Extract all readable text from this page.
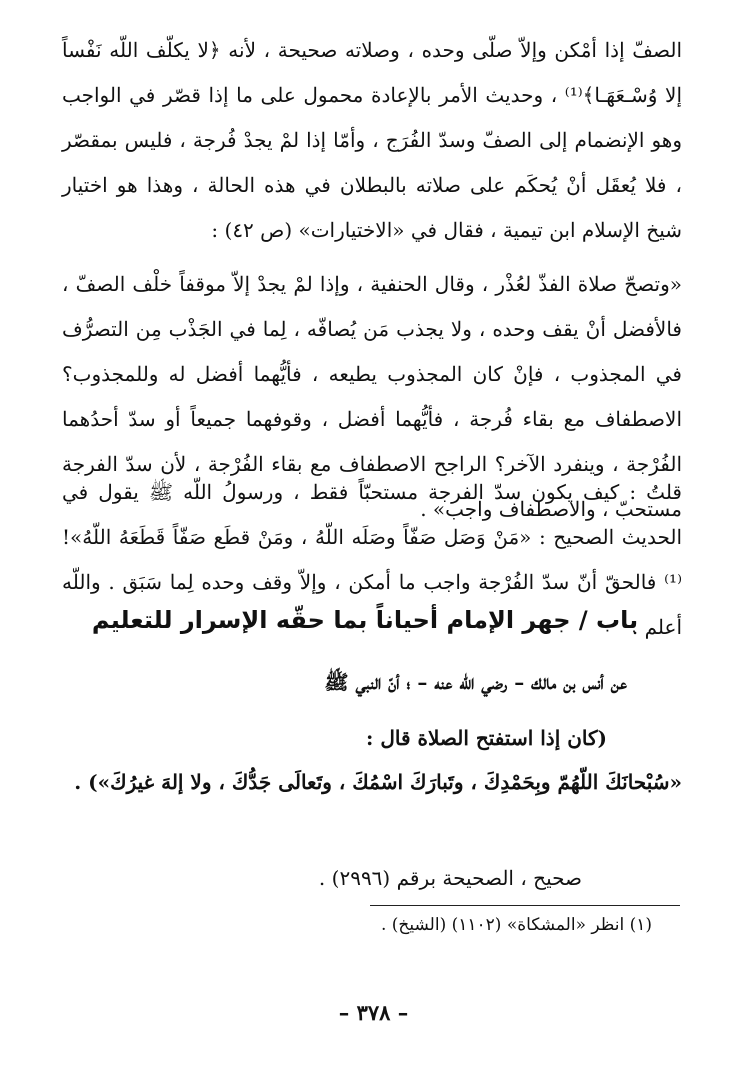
الصفّ إذا أمْكن وإلاّ صلّى وحده ، وصلاته صحيحة ، لأنه ﴿لا يكلّف اللّه نَفْساً إلا وُسْـعَهَـا﴾⁽¹⁾ ، وحديث الأمر بالإعادة محمول على ما إذا قصّر في الواجب وهو الإنضمام إلى الصفّ وسدّ الفُرَج ، وأمّا إذا لمْ يجدْ فُرجة ، فليس بمقصّر ، فلا يُعقَل أنْ يُحكَم على صلاته بالبطلان في هذه الحالة ، وهذا هو اختيار شيخ الإسلام ابن تيمية ، فقال في «الاختيارات» (ص ٤٢) :
«وتصحّ صلاة الفذّ لعُذْر ، وقال الحنفية ، وإذا لمْ يجدْ إلاّ موقفاً خلْف الصفّ ، فالأفضل أنْ يقف وحده ، ولا يجذب مَن يُصافّه ، لِما في الجَذْب مِن التصرُّف في المجذوب ، فإنْ كان المجذوب يطيعه ، فأيُّهما أفضل له وللمجذوب؟ الاصطفاف مع بقاء فُرجة ، فأيُّهما أفضل ، وقوفهما جميعاً أو سدّ أحدُهما الفُرْجة ، وينفرد الآخر؟ الراجح الاصطفاف مع بقاء الفُرْجة ، لأن سدّ الفرجة مستحبّ ، والاصطفاف واجب» .
قلتُ : كيف يكون سدّ الفرجة مستحبّاً فقط ، ورسولُ اللّه ﷺ يقول في الحديث الصحيح : «مَنْ وَصَل صَفّاً وصَلَه اللّهُ ، ومَنْ قطَع صَفّاً قَطَعَهُ اللّهُ»!⁽¹⁾ فالحقّ أنّ سدّ الفُرْجة واجب ما أمكن ، وإلاّ وقف وحده لِما سَبَق . واللّه أعلم .
باب / جهر الإمام أحياناً بما حقّه الإسرار للتعليم
عن أنس بن مالك – رضي اللّه عنه – ؛ أنّ النبي ﷺ
(كان إذا استفتح الصلاة قال :
«سُبْحانَكَ اللّهُمّ وبِحَمْدِكَ ، وتَبارَكَ اسْمُكَ ، وتَعالَى جَدُّكَ ، ولا إلهَ غيرُكَ») .
صحيح ، الصحيحة برقم (٢٩٩٦) .
(١) انظر «المشكاة» (١١٠٢) (الشيخ) .
– ٣٧٨ –
